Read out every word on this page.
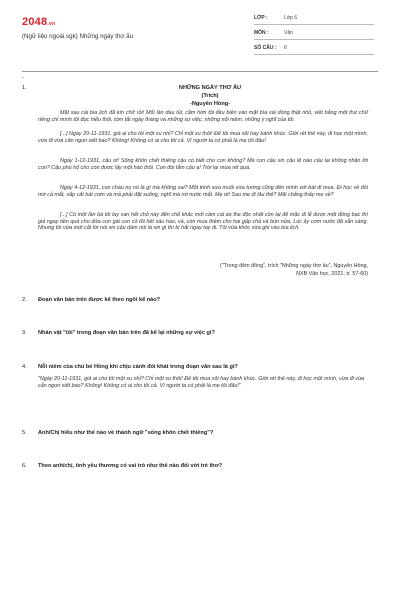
2048.vn
(Ngữ liệu ngoài sgk) Những ngày thơ ấu
LỚP :	Lớp 6
MÔN :	Văn
SỐ CÂU : 6
-
1.	NHỮNG NGÀY THƠ ẤU
(Trích)
-Nguyên Hồng-
Mặt sau cái bìa lịch đã kín chữ rồi! Mỗi lần đau tủi, căm hờn tôi đều biên vào mặt bìa vài dòng thật nhỏ, viết bằng một thứ chữ riêng chỉ mình tôi đọc hiểu thôi, tóm tắt ngày tháng và những sự việc, những nỗi niềm, những ý nghĩ của tôi.
[...] Ngày 20-11-1931, giá ai cho tôi một xu nhỉ? Chỉ một xu thôi! Để tôi mua xôi hay bánh khúc. Giời rét thế này, đi học một mình, vừa đi vừa cắn ngon xiết bao? Không! Không có ai cho tôi cả. Vì người ta có phải là mẹ tôi đâu!
Ngày 1-12-1931, cậu ơi! Sống khôn chết thiêng cậu có biết cho con không? Mà con cậu xin cậu lẽ nào cậu lại không nhận lời con? Cậu phù hộ cho con được lấy một hào thôi. Con đói lắm cậu ạ! Trời lại mưa rét quá.
Ngày 4-12-1931, con cháu nọ nó là gì mà không sai? Một trinh xưa muối vừa tương cũng đến mình với bát đi mua. Đi học về đói mờ cả mắt, sắp cất bát cơm và mả phải đặt xuống, nghĩ mà rơi nước mắt. Mẹ ơi! Sao mẹ đi lâu thế? Mãi chẳng thấy mẹ về?
[...] Có một lần bà tôi lay van hết chỗ này đến chỗ khác mới cầm cái áo the độc nhất còn lại để mặc đi lễ được một đồng bạc thì giả ngay tiền quà cho đứa con gái con cô tôi hết sáu hào, và, còn mua thêm cho hai gấp chả và bún nửa. Lúc ấy cơm nước đã sẵn sàng. Nhưng tôi vừa mới cắt lời nói xin cậu dám nói là xin gì thì bị hắt ngay tay đi. Tôi vừa khóc vừa ghi vào bìa lịch.
("Trong đêm đông", trích "Những ngày thơ ấu", Nguyên Hồng,
NXB Văn học, 2021, tr. 57-60)
2. Đoạn văn bản trên được kể theo ngôi kể nào?
3. Nhân vật "tôi" trong đoạn văn bản trên đã kể lại những sự việc gì?
4. Nỗi niềm của chú bé Hồng khi chịu cảnh đói khát trong đoạn văn sau là gì?
"Ngày 20-11-1931, giá ai cho tôi một xu nhỉ? Chỉ một xu thôi! Để tôi mua xôi hay bánh khúc. Giời rét thế này, đi học một mình, vừa đi vừa cắn ngon xiết bao? Không! Không có ai cho tôi cả. Vì người ta có phải là mẹ tôi đâu!"
5. Anh/Chị hiểu như thế nào về thành ngữ "sống khôn chết thiêng"?
6. Theo anh/chị, tình yêu thương có vai trò như thế nào đối với trẻ thơ?
